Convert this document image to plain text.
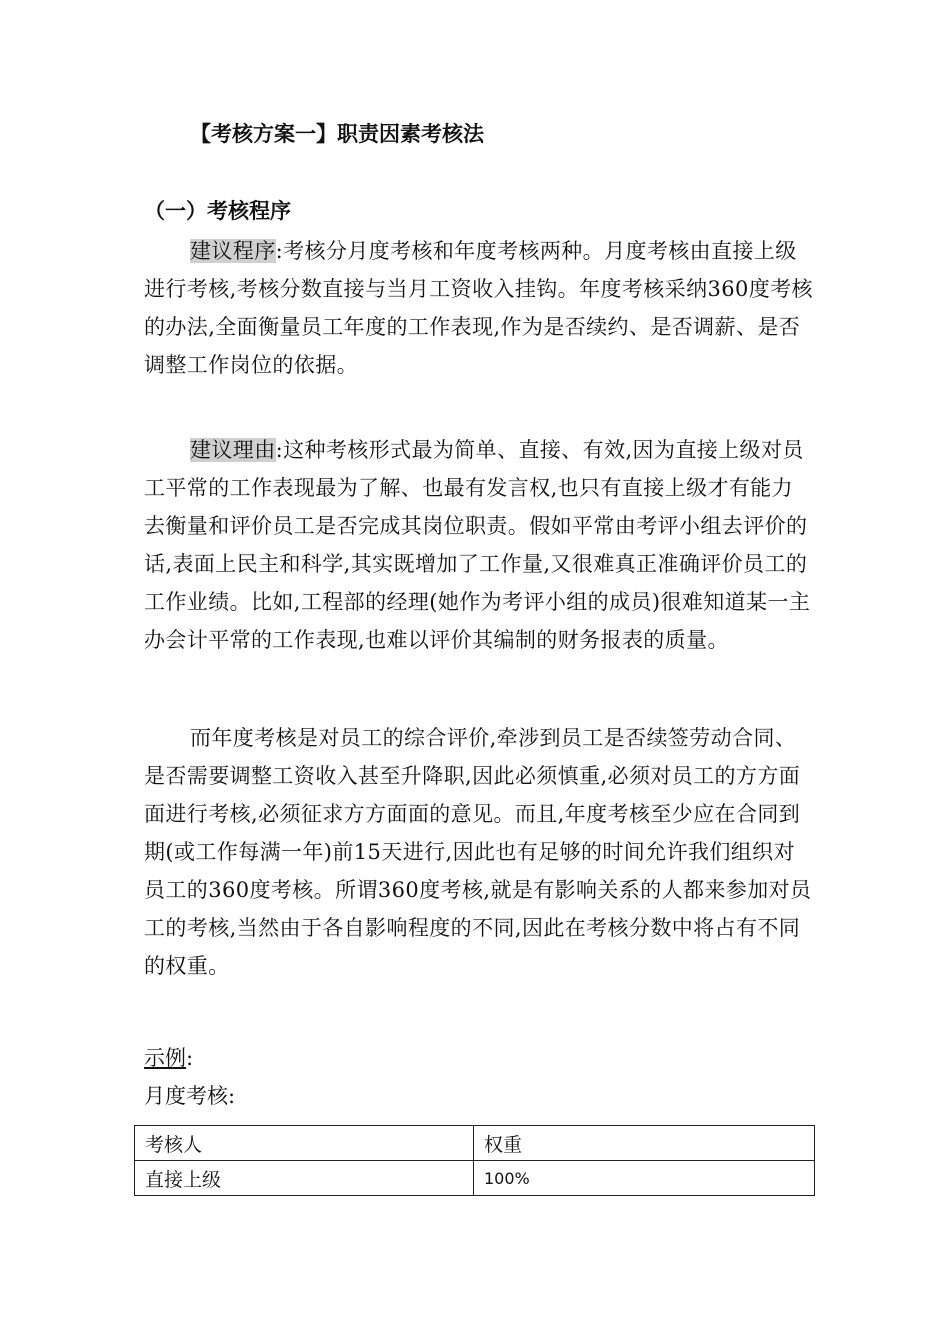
【考核方案一】职责因素考核法
（一）考核程序
建议程序:考核分月度考核和年度考核两种。月度考核由直接上级进行考核,考核分数直接与当月工资收入挂钩。年度考核采纳360度考核的办法,全面衡量员工年度的工作表现,作为是否续约、是否调薪、是否调整工作岗位的依据。
建议理由:这种考核形式最为简单、直接、有效,因为直接上级对员工平常的工作表现最为了解、也最有发言权,也只有直接上级才有能力去衡量和评价员工是否完成其岗位职责。假如平常由考评小组去评价的话,表面上民主和科学,其实既增加了工作量,又很难真正准确评价员工的工作业绩。比如,工程部的经理(她作为考评小组的成员)很难知道某一主办会计平常的工作表现,也难以评价其编制的财务报表的质量。
而年度考核是对员工的综合评价,牵涉到员工是否续签劳动合同、是否需要调整工资收入甚至升降职,因此必须慎重,必须对员工的方方面面进行考核,必须征求方方面面的意见。而且,年度考核至少应在合同到期(或工作每满一年)前15天进行,因此也有足够的时间允许我们组织对员工的360度考核。所谓360度考核,就是有影响关系的人都来参加对员工的考核,当然由于各自影响程度的不同,因此在考核分数中将占有不同的权重。
示例:
月度考核:
考核人	权重
直接上级	100%
